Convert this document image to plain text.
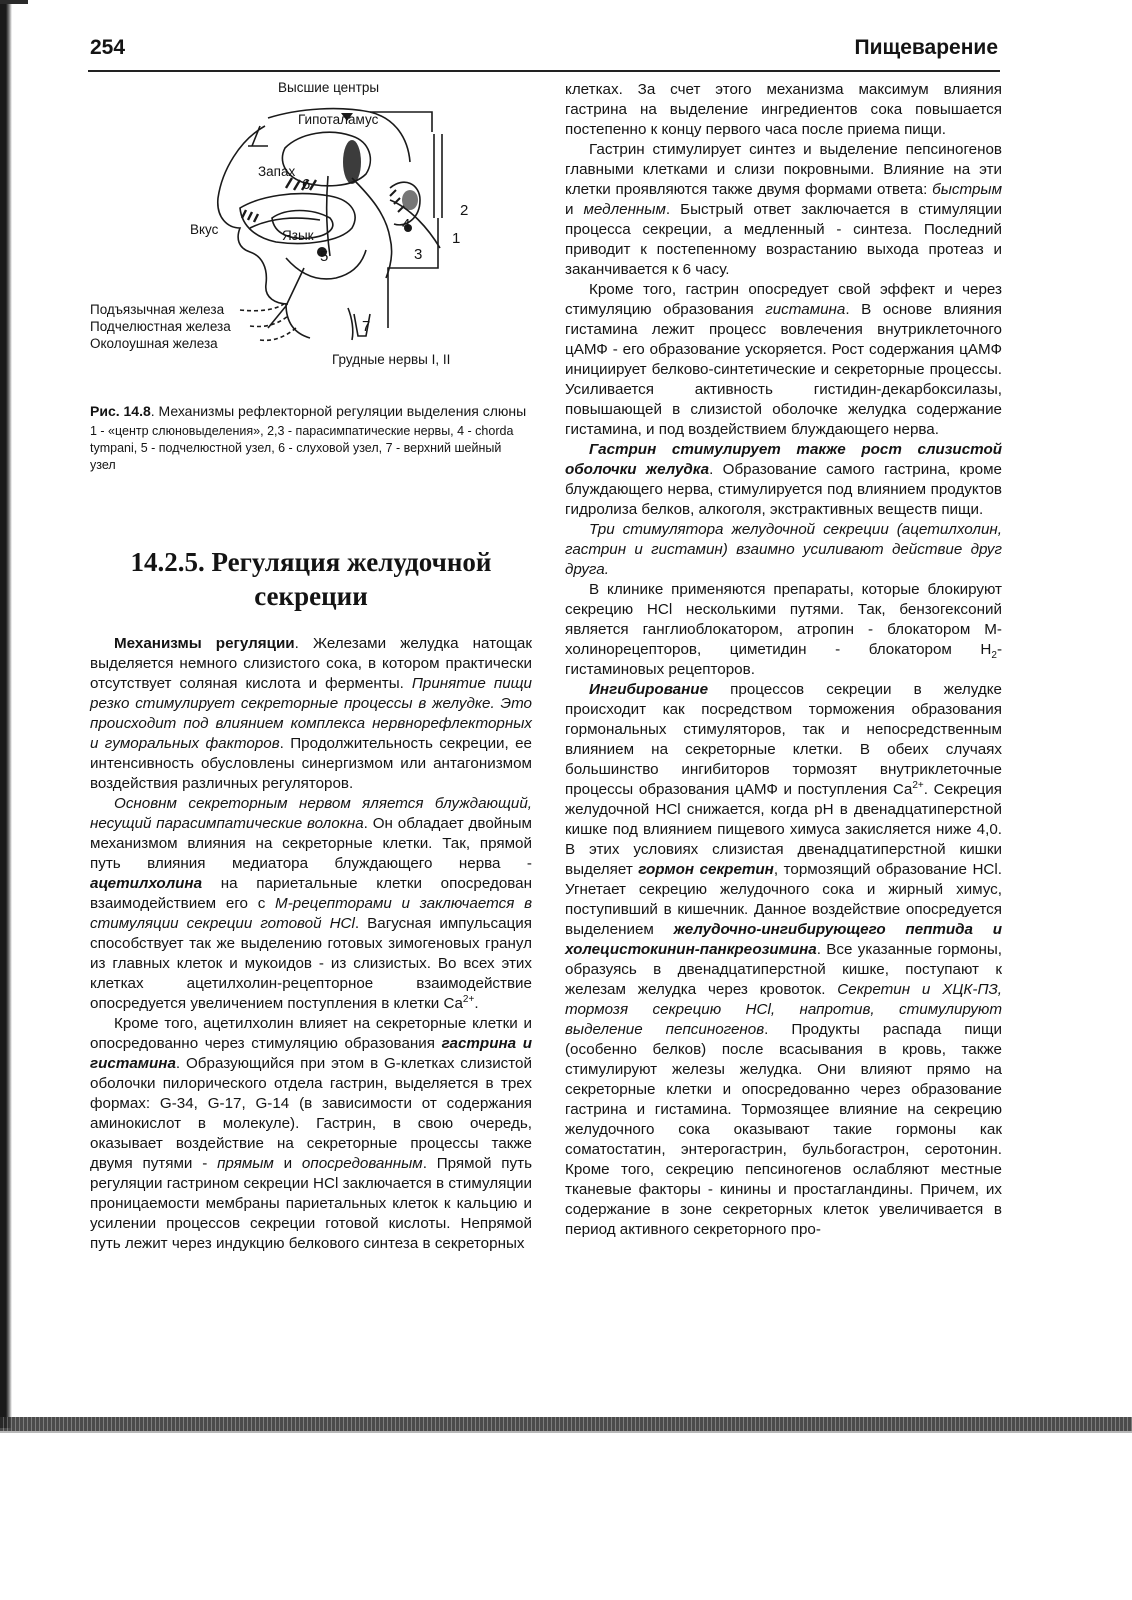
254	Пищеварение
Высшие центры
Гипоталамус
Запах
Вкус	Язык
Подъязычная железа
Подчелюстная железа
Околоушная железа
Грудные нервы I, II
1
2
3
4
5
6
7

Рис. 14.8. Механизмы рефлекторной регуляции выделения слюны

1 - «центр слюновыделения», 2,3 - парасимпатические нервы, 4 - chorda tympani, 5 - подчелюстной узел, 6 - слуховой узел, 7 - верхний шейный узел

14.2.5. Регуляция желудочной
секреции

Механизмы регуляции. Железами желудка натощак выделяется немного слизистого сока, в котором практически отсутствует соляная кислота и ферменты. Принятие пищи резко стимулирует секреторные процессы в желудке. Это происходит под влиянием комплекса нервнорефлекторных и гуморальных факторов. Продолжительность секреции, ее интенсивность обусловлены синергизмом или антагонизмом воздействия различных регуляторов.

Основнм секреторным нервом яляется блуждающий, несущий парасимпатические волокна. Он обладает двойным механизмом влияния на секреторные клетки. Так, прямой путь влияния медиатора блуждающего нерва - ацетилхолина на париетальные клетки опосредован взаимодействием его с М-рецепторами и заключается в стимуляции секреции готовой HCl. Вагусная импульсация способствует так же выделению готовых зимогеновых гранул из главных клеток и мукоидов - из слизистых. Во всех этих клетках ацетилхолин-рецепторное взаимодействие опосредуется увеличением поступления в клетки $Ca^{2+}$.

Кроме того, ацетилхолин влияет на секреторные клетки и опосредованно через стимуляцию образования гастрина и гистамина. Образующийся при этом в G-клетках слизистой оболочки пилорического отдела гастрин, выделяется в трех формах: G-34, G-17, G-14 (в зависимости от содержания аминокислот в молекуле). Гастрин, в свою очередь, оказывает воздействие на секреторные процессы также двумя путями - прямым и опосредованным. Прямой путь регуляции гастрином секреции HCl заключается в стимуляции проницаемости мембраны париетальных клеток к кальцию и усилении процессов секреции готовой кислоты. Непрямой путь лежит через индукцию белкового синтеза в секреторных

клетках. За счет этого механизма максимум влияния гастрина на выделение ингредиентов сока повышается постепенно к концу первого часа после приема пищи.

Гастрин стимулирует синтез и выделение пепсиногенов главными клетками и слизи покровными. Влияние на эти клетки проявляются также двумя формами ответа: быстрым и медленным. Быстрый ответ заключается в стимуляции процесса секреции, а медленный - синтеза. Последний приводит к постепенному возрастанию выхода протеаз и заканчивается к 6 часу.

Кроме того, гастрин опосредует свой эффект и через стимуляцию образования гистамина. В основе влияния гистамина лежит процесс вовлечения внутриклеточного цАМФ - его образование ускоряется. Рост содержания цАМФ инициирует белково-синтетические и секреторные процессы. Усиливается активность гистидин-декарбоксилазы, повышающей в слизистой оболочке желудка содержание гистамина, и под воздействием блуждающего нерва.

Гастрин стимулирует также рост слизистой оболочки желудка. Образование самого гастрина, кроме блуждающего нерва, стимулируется под влиянием продуктов гидролиза белков, алкоголя, экстрактивных веществ пищи.

Три стимулятора желудочной секреции (ацетилхолин, гастрин и гистамин) взаимно усиливают действие друг друга.

В клинике применяются препараты, которые блокируют секрецию HCl несколькими путями. Так, бензогексоний является ганглиоблокатором, атропин - блокатором М-холинорецепторов, циметидин - блокатором $H_2$-гистаминовых рецепторов.

Ингибирование процессов секреции в желудке происходит как посредством торможения образования гормональных стимуляторов, так и непосредственным влиянием на секреторные клетки. В обеих случаях большинство ингибиторов тормозят внутриклеточные процессы образования цАМФ и поступления $Ca^{2+}$. Секреция желудочной HCl снижается, когда pH в двенадцатиперстной кишке под влиянием пищевого химуса закисляется ниже 4,0. В этих условиях слизистая двенадцатиперстной кишки выделяет гормон секретин, тормозящий образование HCl. Угнетает секрецию желудочного сока и жирный химус, поступивший в кишечник. Данное воздействие опосредуется выделением желудочно-ингибирующего пептида и холецистокинин-панкреозимина. Все указанные гормоны, образуясь в двенадцатиперстной кишке, поступают к железам желудка через кровоток. Секретин и ХЦК-ПЗ, тормозя секрецию HCl, напротив, стимулируют выделение пепсиногенов. Продукты распада пищи (особенно белков) после всасывания в кровь, также стимулируют железы желудка. Они влияют прямо на секреторные клетки и опосредованно через образование гастрина и гистамина. Тормозящее влияние на секрецию желудочного сока оказывают такие гормоны как соматостатин, энтерогастрин, бульбогастрон, серотонин. Кроме того, секрецию пепсиногенов ослабляют местные тканевые факторы - кинины и простагландины. Причем, их содержание в зоне секреторных клеток увеличивается в период активного секреторного про-
